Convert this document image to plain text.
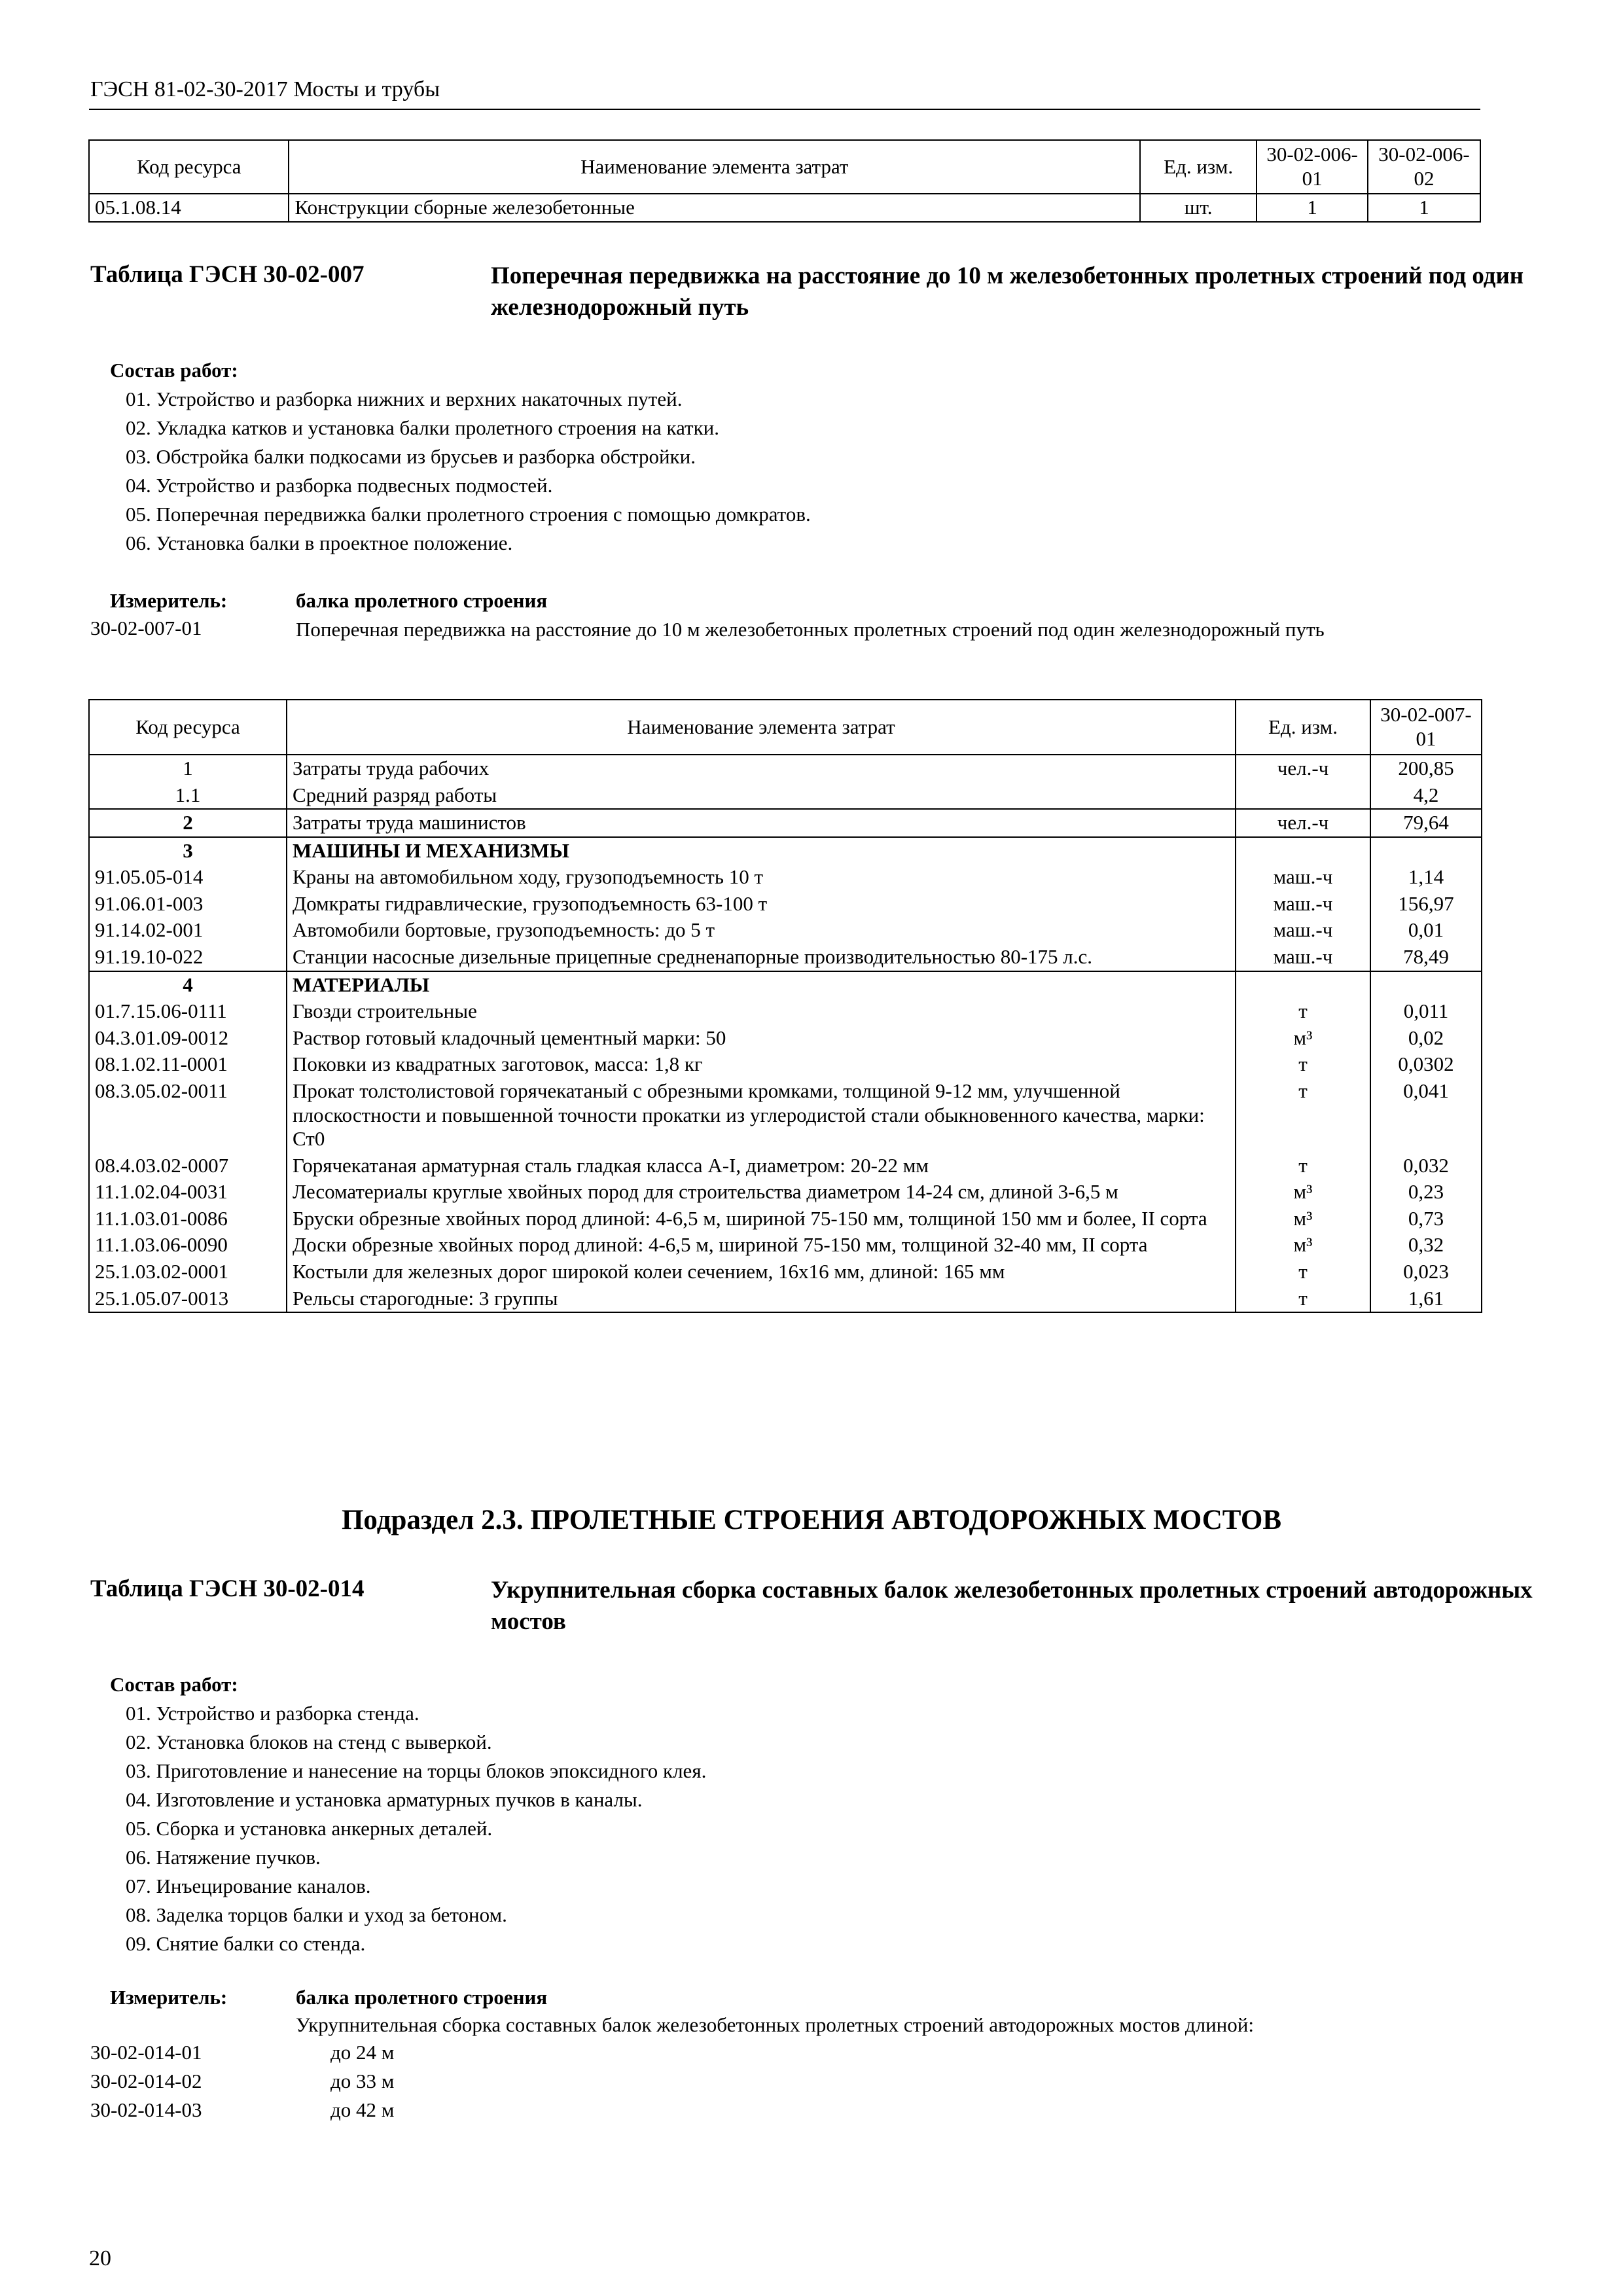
ГЭСН 81-02-30-2017 Мосты и трубы
Код ресурса	Наименование элемента затрат	Ед. изм.	30-02-006-01	30-02-006-02
05.1.08.14	Конструкции сборные железобетонные	шт.	1	1
Таблица ГЭСН 30-02-007	Поперечная передвижка на расстояние до 10 м железобетонных пролетных строений под один железнодорожный путь
Состав работ:
01. Устройство и разборка нижних и верхних накаточных путей.
02. Укладка катков и установка балки пролетного строения на катки.
03. Обстройка балки подкосами из брусьев и разборка обстройки.
04. Устройство и разборка подвесных подмостей.
05. Поперечная передвижка балки пролетного строения с помощью домкратов.
06. Установка балки в проектное положение.
Измеритель:	балка пролетного строения
30-02-007-01	Поперечная передвижка на расстояние до 10 м железобетонных пролетных строений под один железнодорожный путь
Код ресурса	Наименование элемента затрат	Ед. изм.	30-02-007-01
1	Затраты труда рабочих	чел.-ч	200,85
1.1	Средний разряд работы		4,2
2	Затраты труда машинистов	чел.-ч	79,64
3	МАШИНЫ И МЕХАНИЗМЫ		
91.05.05-014	Краны на автомобильном ходу, грузоподъемность 10 т	маш.-ч	1,14
91.06.01-003	Домкраты гидравлические, грузоподъемность 63-100 т	маш.-ч	156,97
91.14.02-001	Автомобили бортовые, грузоподъемность: до 5 т	маш.-ч	0,01
91.19.10-022	Станции насосные дизельные прицепные средненапорные производительностью 80-175 л.с.	маш.-ч	78,49
4	МАТЕРИАЛЫ		
01.7.15.06-0111	Гвозди строительные	т	0,011
04.3.01.09-0012	Раствор готовый кладочный цементный марки: 50	м³	0,02
08.1.02.11-0001	Поковки из квадратных заготовок, масса: 1,8 кг	т	0,0302
08.3.05.02-0011	Прокат толстолистовой горячекатаный с обрезными кромками, толщиной 9-12 мм, улучшенной плоскостности и повышенной точности прокатки из углеродистой стали обыкновенного качества, марки: Ст0	т	0,041
08.4.03.02-0007	Горячекатаная арматурная сталь гладкая класса А-I, диаметром: 20-22 мм	т	0,032
11.1.02.04-0031	Лесоматериалы круглые хвойных пород для строительства диаметром 14-24 см, длиной 3-6,5 м	м³	0,23
11.1.03.01-0086	Бруски обрезные хвойных пород длиной: 4-6,5 м, шириной 75-150 мм, толщиной 150 мм и более, II сорта	м³	0,73
11.1.03.06-0090	Доски обрезные хвойных пород длиной: 4-6,5 м, шириной 75-150 мм, толщиной 32-40 мм, II сорта	м³	0,32
25.1.03.02-0001	Костыли для железных дорог широкой колеи сечением, 16х16 мм, длиной: 165 мм	т	0,023
25.1.05.07-0013	Рельсы старогодные: 3 группы	т	1,61
Подраздел 2.3. ПРОЛЕТНЫЕ СТРОЕНИЯ АВТОДОРОЖНЫХ МОСТОВ
Таблица ГЭСН 30-02-014	Укрупнительная сборка составных балок железобетонных пролетных строений автодорожных мостов
Состав работ:
01. Устройство и разборка стенда.
02. Установка блоков на стенд с выверкой.
03. Приготовление и нанесение на торцы блоков эпоксидного клея.
04. Изготовление и установка арматурных пучков в каналы.
05. Сборка и установка анкерных деталей.
06. Натяжение пучков.
07. Инъецирование каналов.
08. Заделка торцов балки и уход за бетоном.
09. Снятие балки со стенда.
Измеритель:	балка пролетного строения
Укрупнительная сборка составных балок железобетонных пролетных строений автодорожных мостов длиной:
30-02-014-01	до 24 м
30-02-014-02	до 33 м
30-02-014-03	до 42 м
20
